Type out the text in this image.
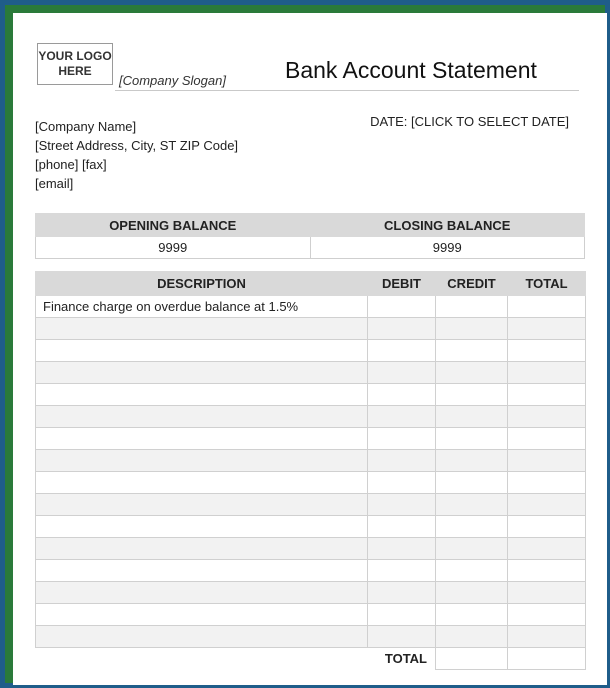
YOUR LOGO
HERE
[Company Slogan]	Bank Account Statement
[Company Name]
[Street Address, City, ST ZIP Code]
[phone] [fax]
[email]
DATE: [CLICK TO SELECT DATE]
OPENING BALANCE	CLOSING BALANCE
9999	9999
DESCRIPTION	DEBIT	CREDIT	TOTAL
Finance charge on overdue balance at 1.5%			

TOTAL			
